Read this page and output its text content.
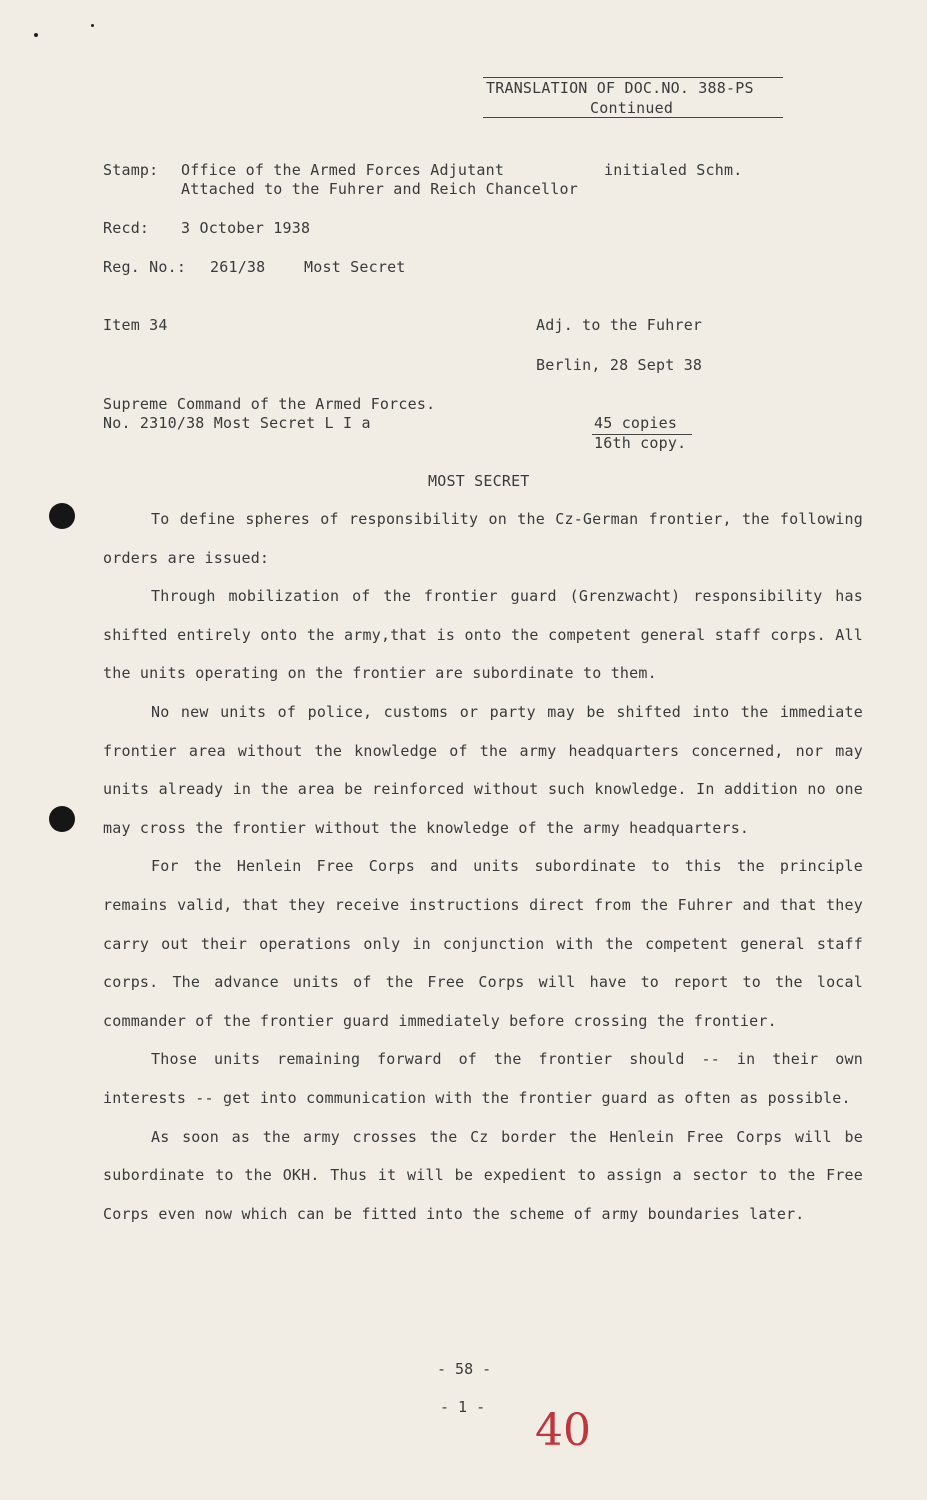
TRANSLATION OF DOC.NO. 388-PS
Continued
Stamp: Office of the Armed Forces Adjutant
Attached to the Fuhrer and Reich Chancellor
initialed Schm.
Recd: 3 October 1938
Reg. No.: 261/38	Most Secret
Item 34	Adj. to the Fuhrer
Berlin, 28 Sept 38
Supreme Command of the Armed Forces.
No. 2310/38 Most Secret L I a	45 copies
16th copy.
MOST SECRET

To define spheres of responsibility on the Cz-German frontier, the following orders are issued:

Through mobilization of the frontier guard (Grenzwacht) responsibility has shifted entirely onto the army,that is onto the competent general staff corps. All the units operating on the frontier are subordinate to them.

No new units of police, customs or party may be shifted into the immediate frontier area without the knowledge of the army headquarters concerned, nor may units already in the area be reinforced without such knowledge. In addition no one may cross the frontier without the knowledge of the army headquarters.

For the Henlein Free Corps and units subordinate to this the principle remains valid, that they receive instructions direct from the Fuhrer and that they carry out their operations only in conjunction with the competent general staff corps. The advance units of the Free Corps will have to report to the local commander of the frontier guard immediately before crossing the frontier.

Those units remaining forward of the frontier should -- in their own interests -- get into communication with the frontier guard as often as possible.

As soon as the army crosses the Cz border the Henlein Free Corps will be subordinate to the OKH. Thus it will be expedient to assign a sector to the Free Corps even now which can be fitted into the scheme of army boundaries later.

- 58 -
- 1 - 40
